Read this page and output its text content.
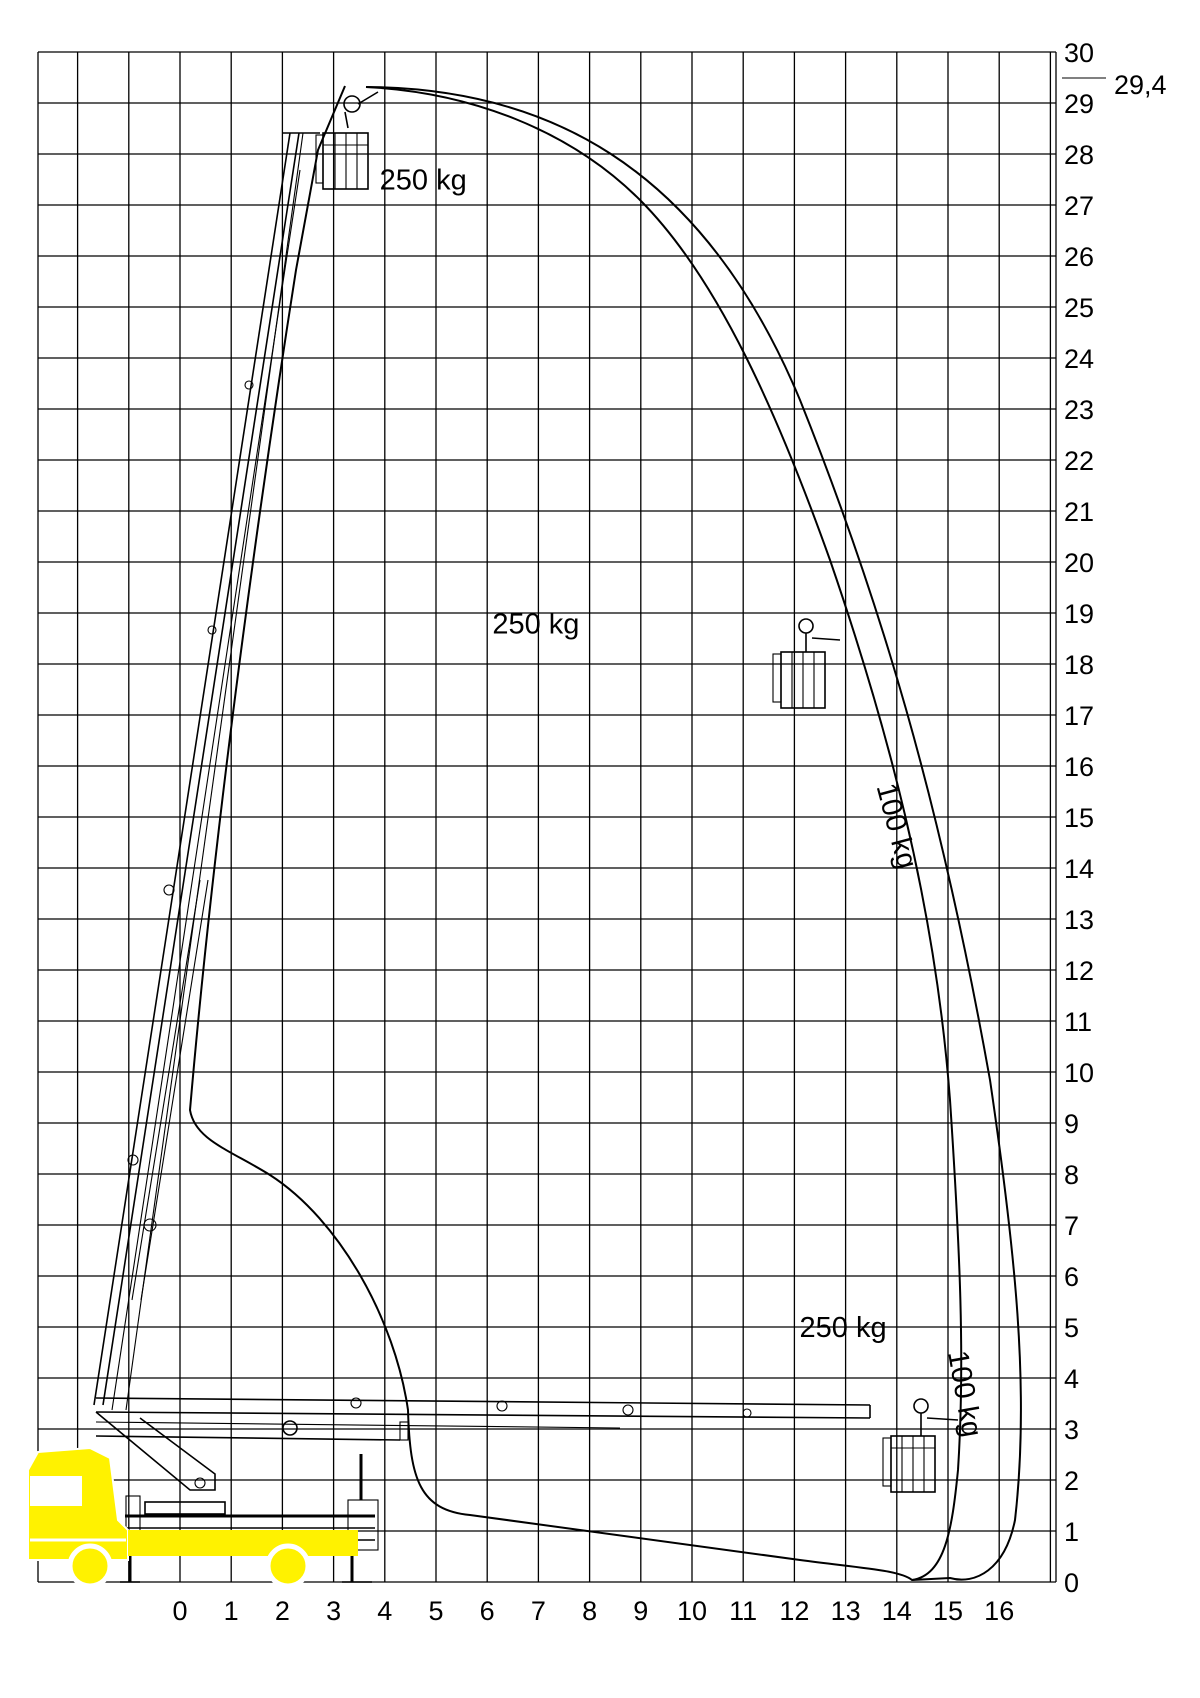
0
1
2
3
4
5
6
7
8
9
10
11
12
13
14
15
16
17
18
19
20
21
22
23
24
25
26
27
28
29
30
0 1 2 3 4 5 6 7 8 9 10 11 12 13 14 15 16
29,4
250 kg
250 kg
100 kg
250 kg
100 kg
